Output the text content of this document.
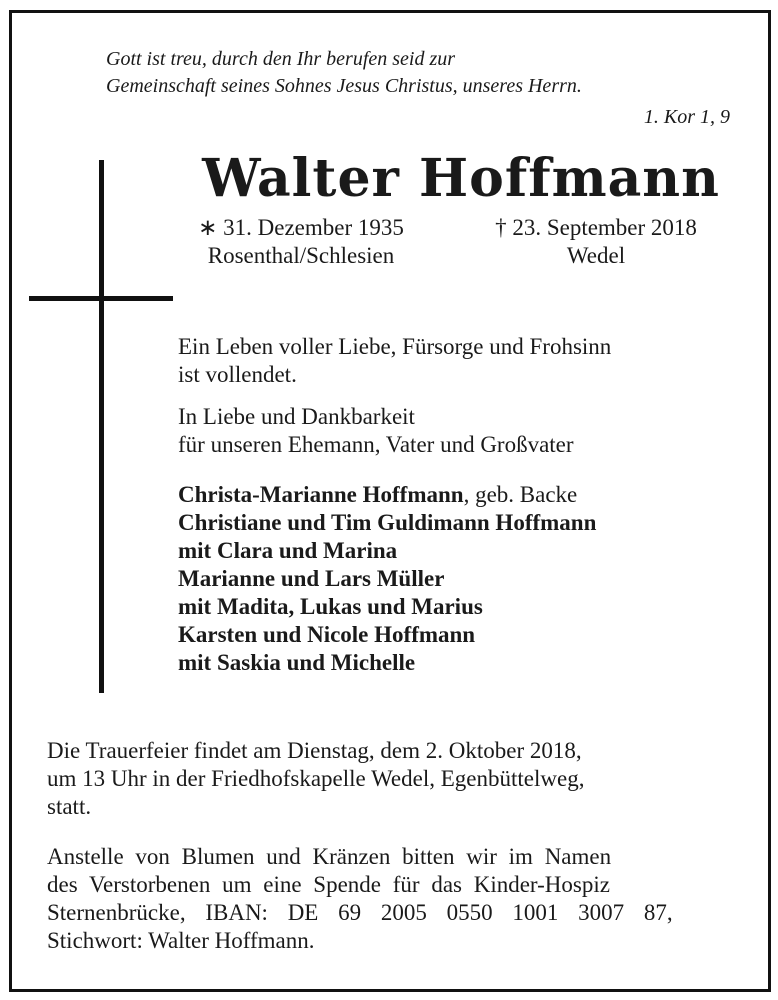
Gott ist treu, durch den Ihr berufen seid zur
Gemeinschaft seines Sohnes Jesus Christus, unseres Herrn.
1. Kor 1, 9
Walter Hoffmann
∗ 31. Dezember 1935
Rosenthal/Schlesien
† 23. September 2018
Wedel
Ein Leben voller Liebe, Fürsorge und Frohsinn
ist vollendet.
In Liebe und Dankbarkeit
für unseren Ehemann, Vater und Großvater
Christa-Marianne Hoffmann, geb. Backe
Christiane und Tim Guldimann Hoffmann
mit Clara und Marina
Marianne und Lars Müller
mit Madita, Lukas und Marius
Karsten und Nicole Hoffmann
mit Saskia und Michelle
Die Trauerfeier findet am Dienstag, dem 2. Oktober 2018,
um 13 Uhr in der Friedhofskapelle Wedel, Egenbüttelweg,
statt.
Anstelle von Blumen und Kränzen bitten wir im Namen
des Verstorbenen um eine Spende für das Kinder-Hospiz
Sternenbrücke, IBAN: DE 69 2005 0550 1001 3007 87,
Stichwort: Walter Hoffmann.
